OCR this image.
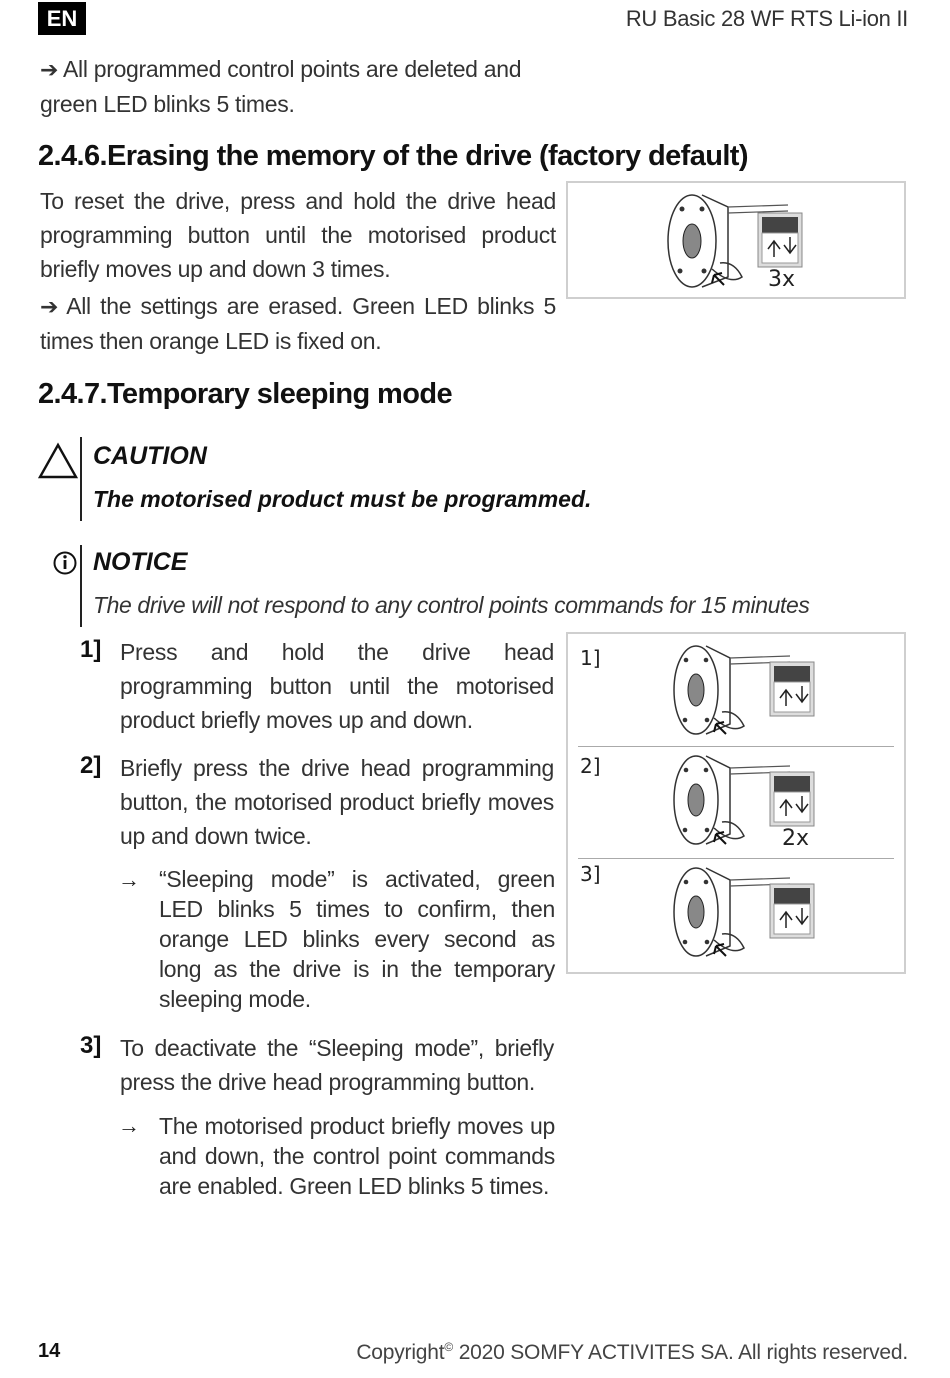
EN	RU Basic 28 WF RTS Li-ion II
➔ All programmed control points are deleted and green LED blinks 5 times.
2.4.6.Erasing the memory of the drive (factory default)
To reset the drive, press and hold the drive head programming button until the motorised product briefly moves up and down 3 times.
➔ All the settings are erased. Green LED blinks 5 times then orange LED is fixed on.
3x
2.4.7.Temporary sleeping mode
CAUTION
The motorised product must be programmed.
NOTICE
The drive will not respond to any control points commands for 15 minutes
1] Press and hold the drive head programming button until the motorised product briefly moves up and down.
2] Briefly press the drive head programming button, the motorised product briefly moves up and down twice.
→ “Sleeping mode” is activated, green LED blinks 5 times to confirm, then orange LED blinks every second as long as the drive is in the temporary sleeping mode.
3] To deactivate the “Sleeping mode”, briefly press the drive head programming button.
→ The motorised product briefly moves up and down, the control point commands are enabled. Green LED blinks 5 times.
1]
2]
3]
2x
14	Copyright© 2020 SOMFY ACTIVITES SA. All rights reserved.
